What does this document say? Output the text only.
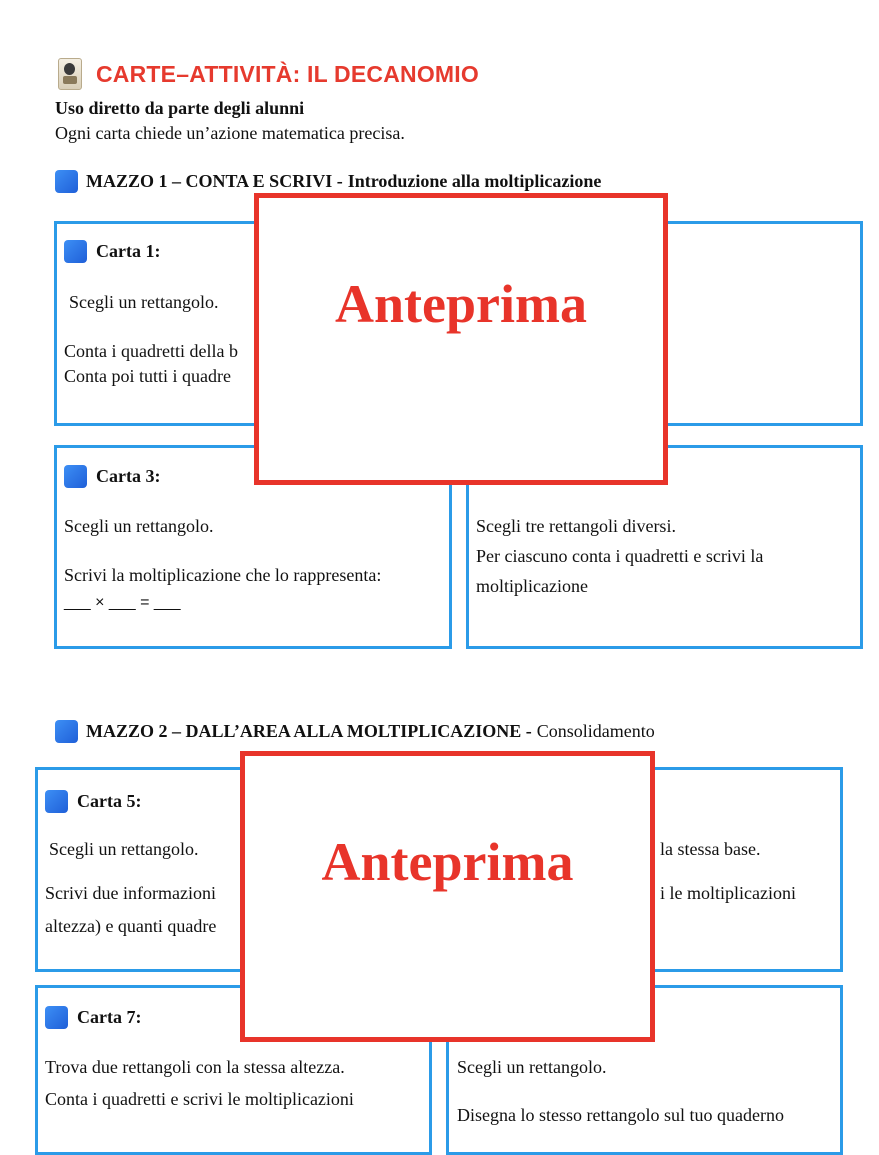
CARTE–ATTIVITÀ: IL DECANOMIO
Uso diretto da parte degli alunni
Ogni carta chiede un’azione matematica precisa.
MAZZO 1 – CONTA E SCRIVI - Introduzione alla moltiplicazione
Carta 1:
Scegli un rettangolo.
Conta i quadretti della b
Conta poi tutti i quadre
Carta 3:
Scegli un rettangolo.
Scrivi la moltiplicazione che lo rappresenta:
___ × ___ = ___
Scegli tre rettangoli diversi.
Per ciascuno conta i quadretti e scrivi la
moltiplicazione
Anteprima
MAZZO 2 – DALL’AREA ALLA MOLTIPLICAZIONE - Consolidamento
Carta 5:
Scegli un rettangolo.
Scrivi due informazioni
altezza) e quanti quadre
la stessa base.
i le moltiplicazioni
Carta 7:
Trova due rettangoli con la stessa altezza.
Conta i quadretti e scrivi le moltiplicazioni
Scegli un rettangolo.
Disegna lo stesso rettangolo sul tuo quaderno
Anteprima
